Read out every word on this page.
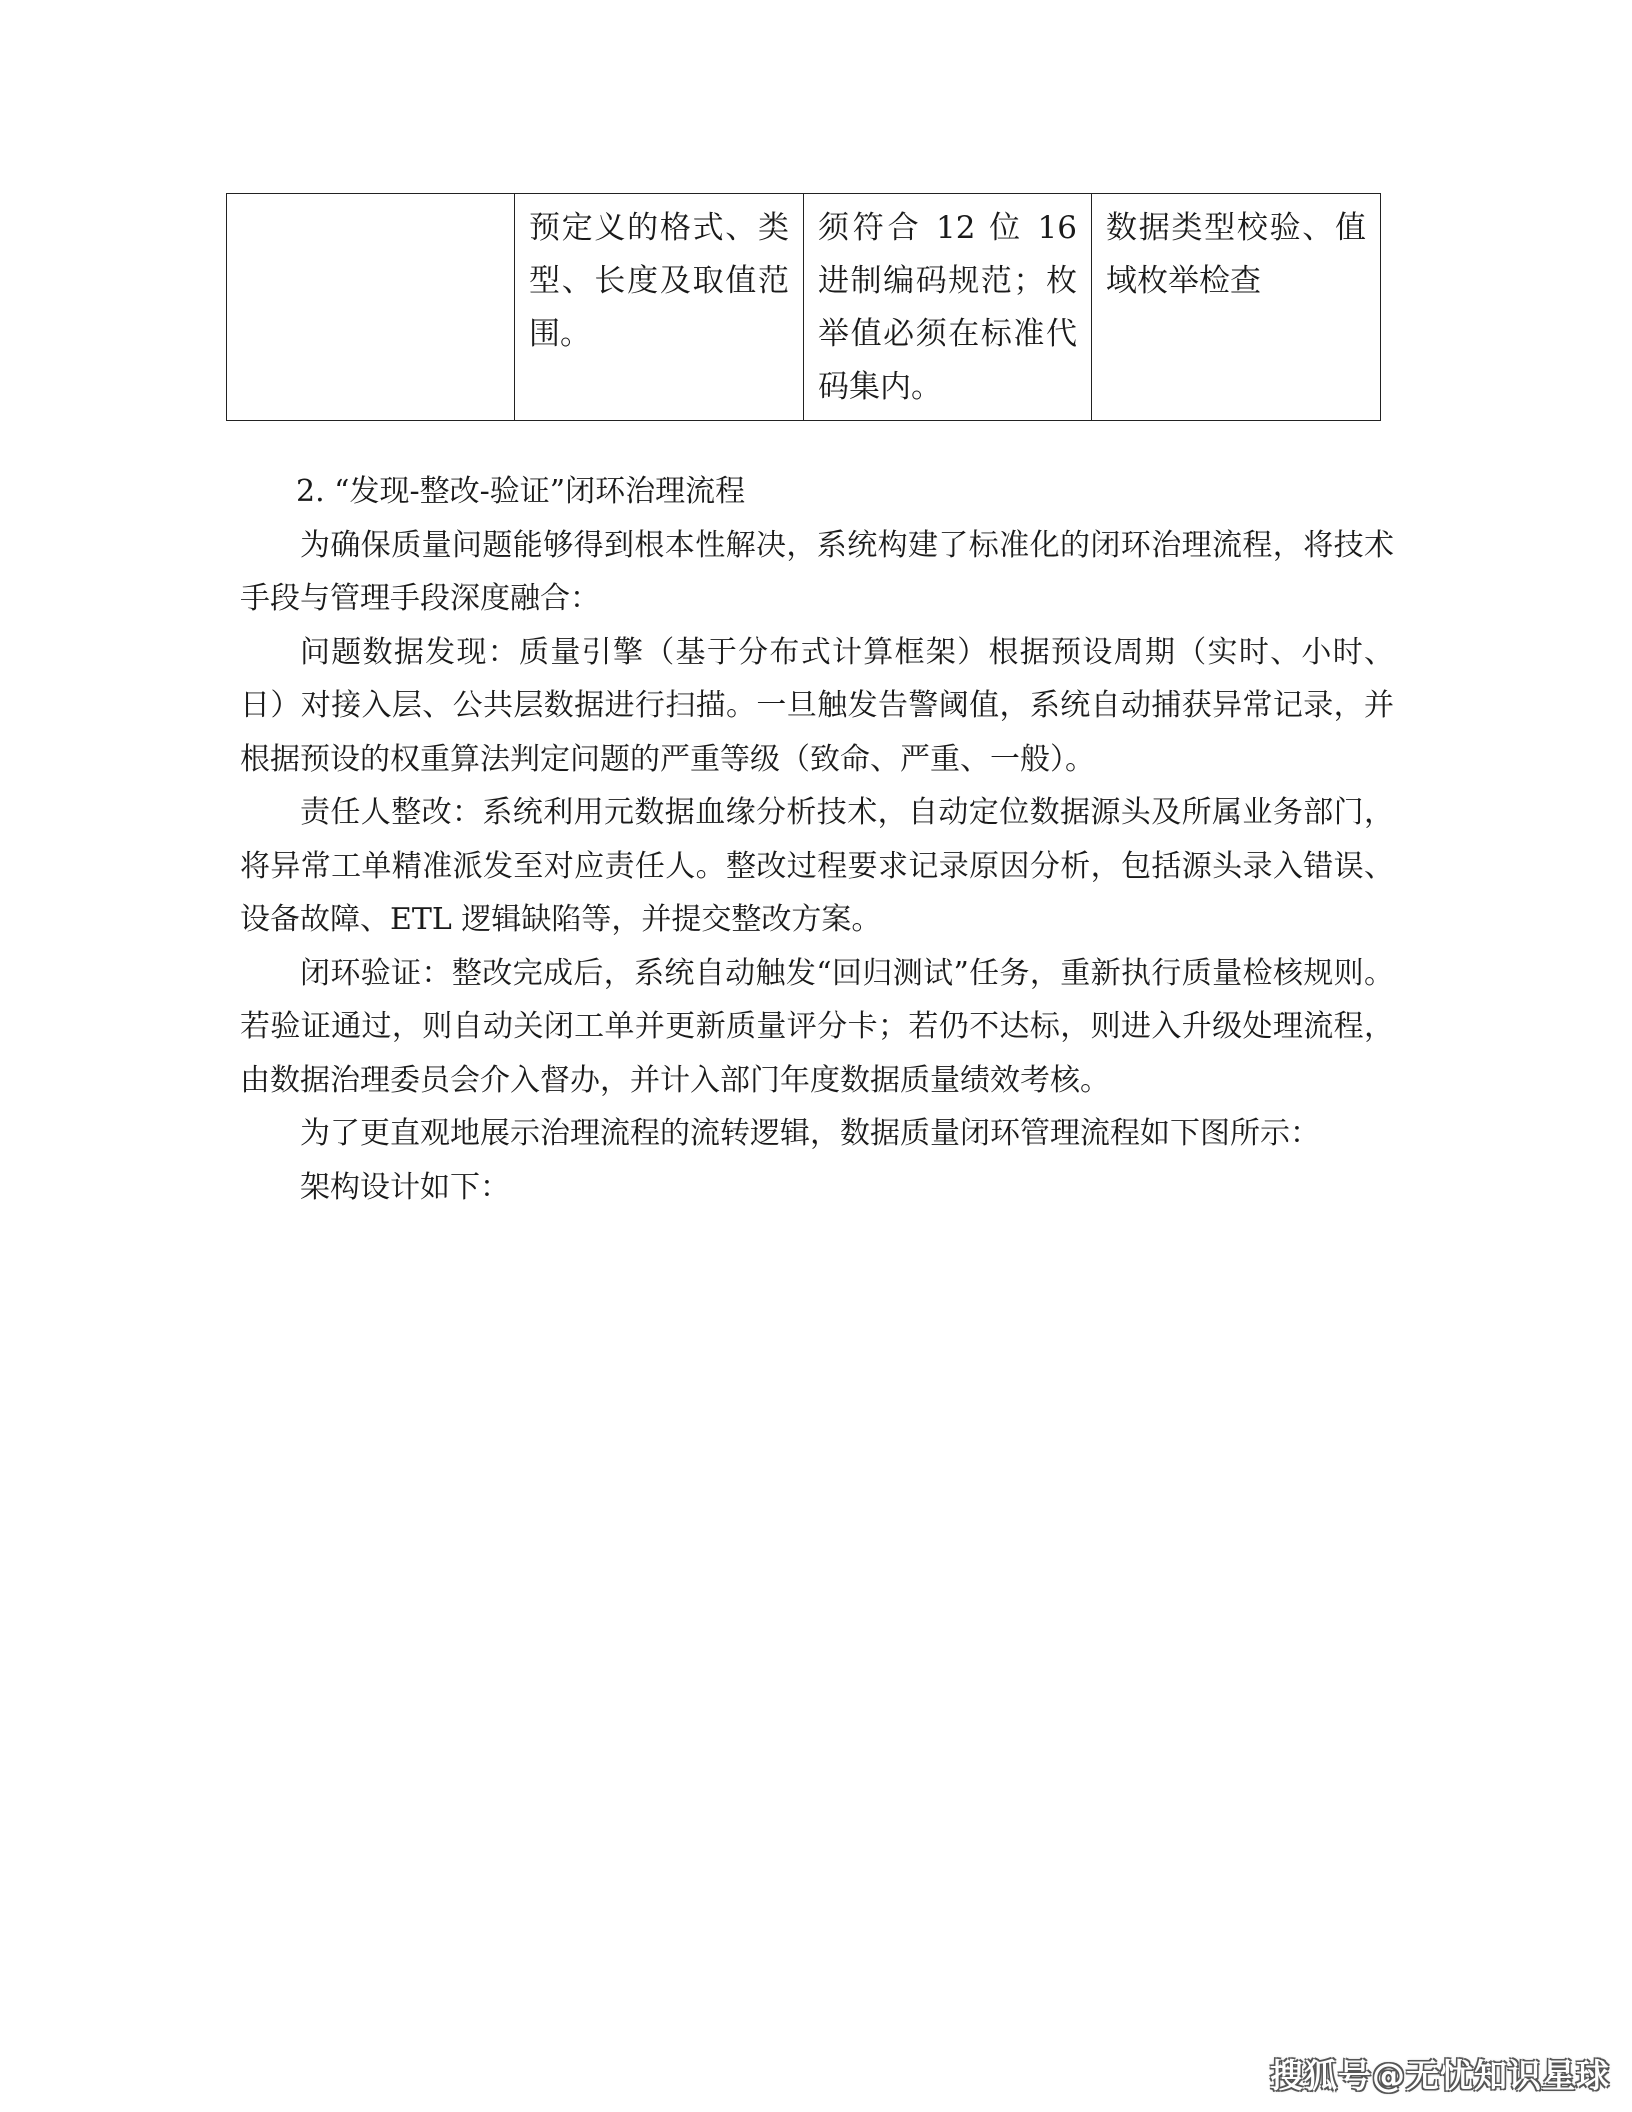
	预定义的格式、类型、长度及取值范围。	须符合 12 位 16 进制编码规范；枚举值必须在标准代码集内。	数据类型校验、值域枚举检查

2. “发现-整改-验证”闭环治理流程

为确保质量问题能够得到根本性解决，系统构建了标准化的闭环治理流程，将技术手段与管理手段深度融合：

问题数据发现：质量引擎（基于分布式计算框架）根据预设周期（实时、小时、日）对接入层、公共层数据进行扫描。一旦触发告警阈值，系统自动捕获异常记录，并根据预设的权重算法判定问题的严重等级（致命、严重、一般）。

责任人整改：系统利用元数据血缘分析技术，自动定位数据源头及所属业务部门，将异常工单精准派发至对应责任人。整改过程要求记录原因分析，包括源头录入错误、设备故障、ETL 逻辑缺陷等，并提交整改方案。

闭环验证：整改完成后，系统自动触发“回归测试”任务，重新执行质量检核规则。若验证通过，则自动关闭工单并更新质量评分卡；若仍不达标，则进入升级处理流程，由数据治理委员会介入督办，并计入部门年度数据质量绩效考核。

为了更直观地展示治理流程的流转逻辑，数据质量闭环管理流程如下图所示：

架构设计如下：

搜狐号@无忧知识星球
